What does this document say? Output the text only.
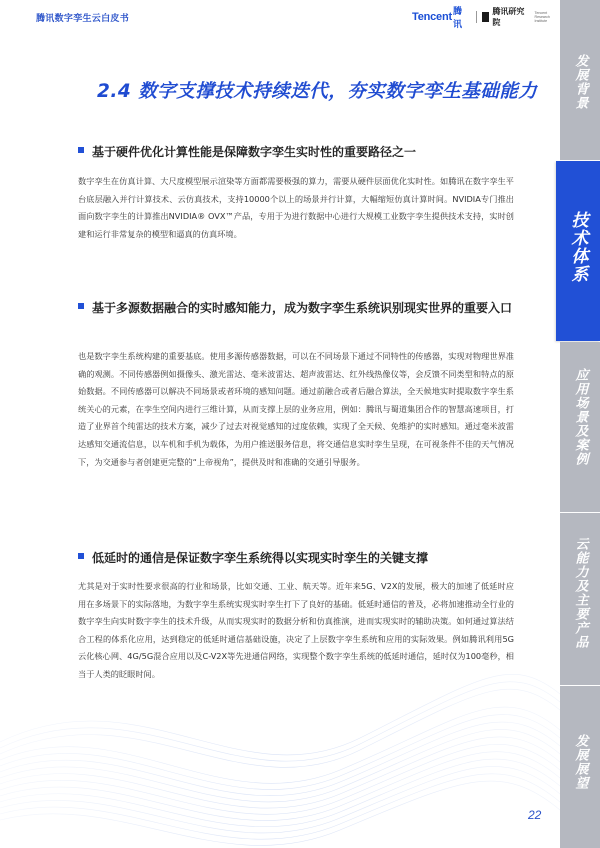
腾讯数字孪生云白皮书	Tencent 腾讯
腾讯研究院
Tencent Research Institute
发展背景
技术体系
应用场景及案例
云能力及主要产品
发展展望
2.4 数字支撑技术持续迭代，夯实数字孪生基础能力
基于硬件优化计算性能是保障数字孪生实时性的重要路径之一
数字孪生在仿真计算、大尺度模型展示渲染等方面都需要极强的算力，需要从硬件层面优化实时性。如腾讯在数字孪生平台底层融入并行计算技术、云仿真技术，支持10000个以上的场景并行计算，大幅缩短仿真计算时间。NVIDIA专门推出面向数字孪生的计算推出NVIDIA® OVX™产品，专用于为进行数据中心进行大规模工业数字孪生提供技术支持，实时创建和运行非常复杂的模型和逼真的仿真环境。
基于多源数据融合的实时感知能力，成为数字孪生系统识别现实世界的重要入口
也是数字孪生系统构建的重要基底。使用多源传感器数据，可以在不同场景下通过不同特性的传感器，实现对物理世界准确的观测。不同传感器例如摄像头、激光雷达、毫米波雷达、超声波雷达、红外线热像仪等，会反馈不同类型和特点的原始数据。不同传感器可以解决不同场景或者环境的感知问题。通过前融合或者后融合算法，全天候地实时提取数字孪生系统关心的元素，在孪生空间内进行三维计算，从而支撑上层的业务应用，例如：腾讯与蜀道集团合作的智慧高速项目，打造了业界首个纯雷达的技术方案，减少了过去对视觉感知的过度依赖，实现了全天候、免维护的实时感知。通过毫米波雷达感知交通流信息，以车机和手机为载体，为用户推送服务信息，将交通信息实时孪生呈现，在可视条件不佳的天气情况下，为交通参与者创建更完整的“上帝视角”，提供及时和准确的交通引导服务。
低延时的通信是保证数字孪生系统得以实现实时孪生的关键支撑
尤其是对于实时性要求很高的行业和场景，比如交通、工业、航天等。近年来5G、V2X的发展，极大的加速了低延时应用在多场景下的实际落地，为数字孪生系统实现实时孪生打下了良好的基础。低延时通信的普及，必将加速推动全行业的数字孪生向实时数字孪生的技术升级，从而实现实时的数据分析和仿真推演，进而实现实时的辅助决策。如何通过算法结合工程的体系化应用，达到稳定的低延时通信基础设施，决定了上层数字孪生系统和应用的实际效果。例如腾讯利用5G云化核心网、4G/5G混合应用以及C-V2X等先进通信网络，实现整个数字孪生系统的低延时通信，延时仅为100毫秒，相当于人类的眨眼时间。
22
